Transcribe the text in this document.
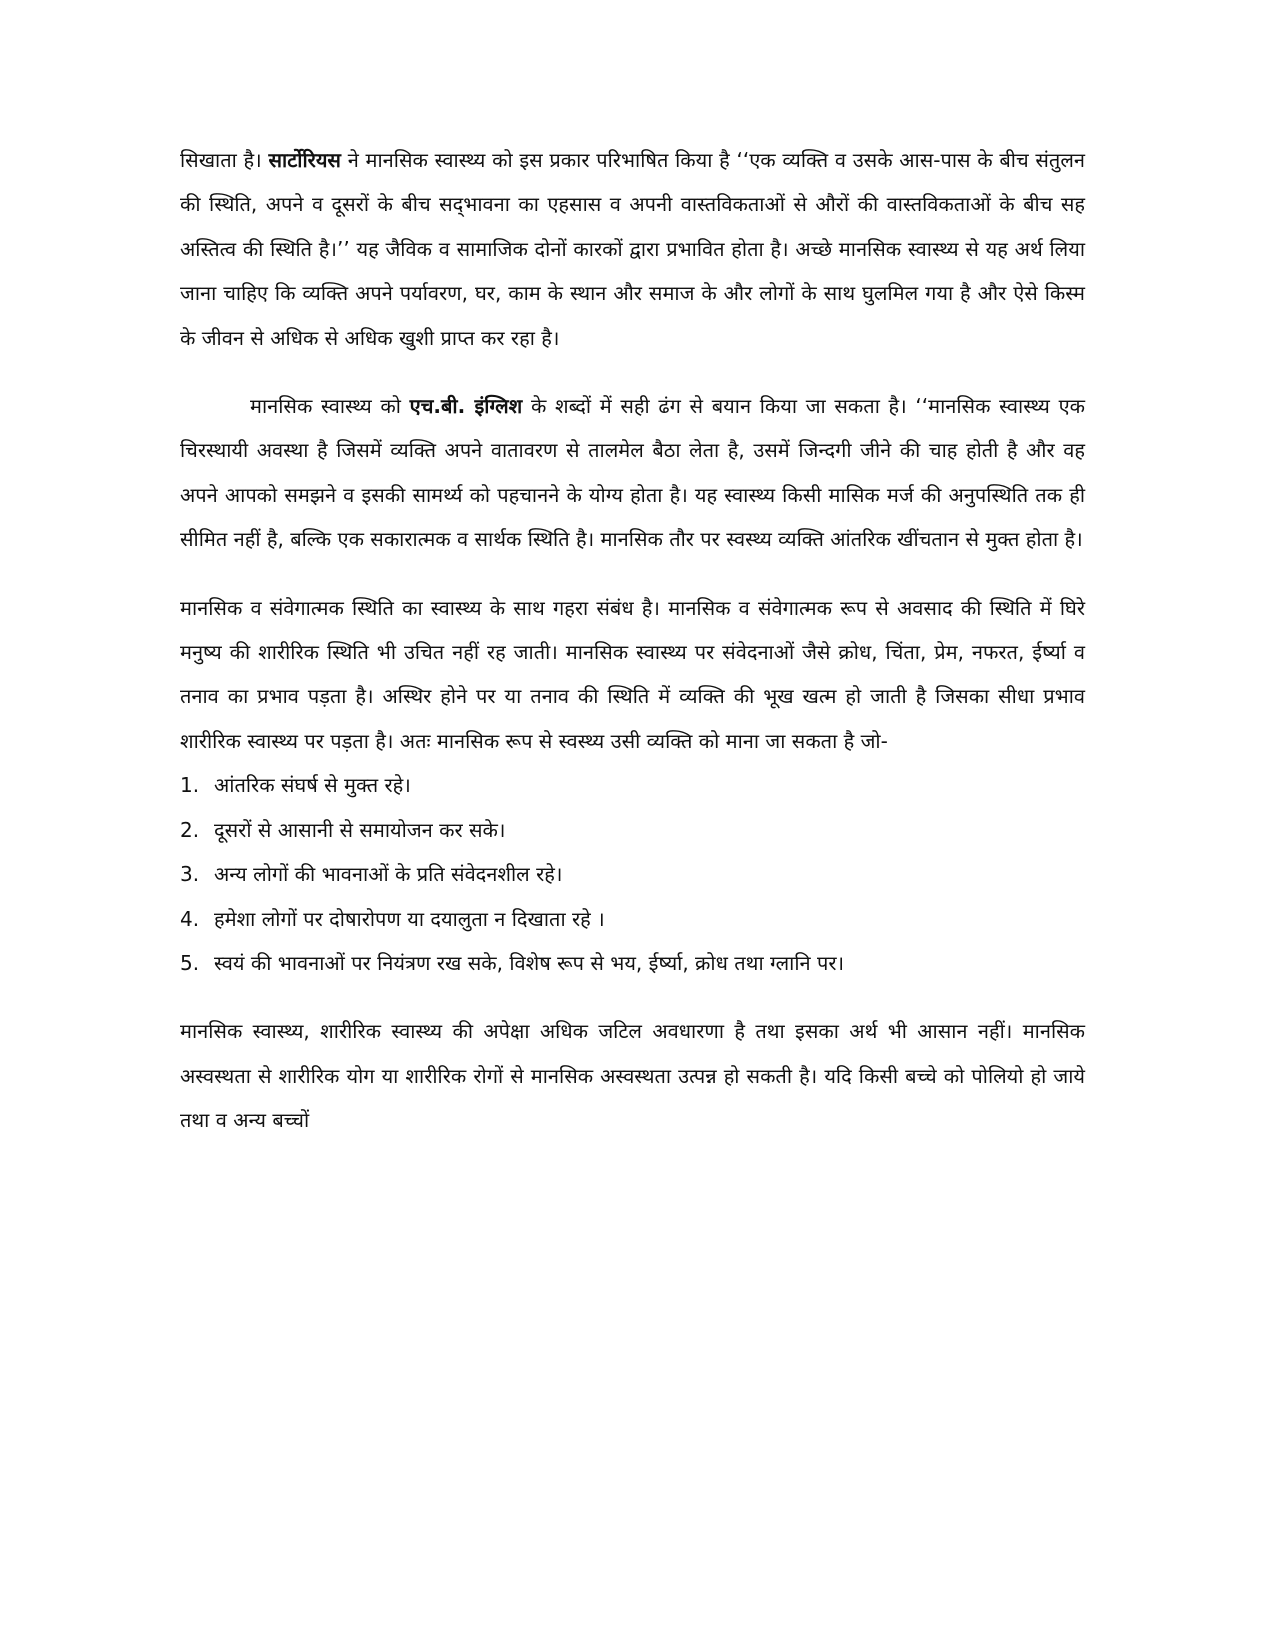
सिखाता है। सार्टोरियस ने मानसिक स्वास्थ्य को इस प्रकार परिभाषित किया है ‘‘एक व्यक्ति व उसके आस-पास के बीच संतुलन की स्थिति, अपने व दूसरों के बीच सद्‌भावना का एहसास व अपनी वास्तविकताओं से औरों की वास्तविकताओं के बीच सह अस्तित्व की स्थिति है।’’ यह जैविक व सामाजिक दोनों कारकों द्वारा प्रभावित होता है। अच्छे मानसिक स्वास्थ्य से यह अर्थ लिया जाना चाहिए कि व्यक्ति अपने पर्यावरण, घर, काम के स्थान और समाज के और लोगों के साथ घुलमिल गया है और ऐसे किस्म के जीवन से अधिक से अधिक खुशी प्राप्त कर रहा है।

मानसिक स्वास्थ्य को एच.बी. इंग्लिश के शब्दों में सही ढंग से बयान किया जा सकता है। ‘‘मानसिक स्वास्थ्य एक चिरस्थायी अवस्था है जिसमें व्यक्ति अपने वातावरण से तालमेल बैठा लेता है, उसमें जिन्दगी जीने की चाह होती है और वह अपने आपको समझने व इसकी सामर्थ्य को पहचानने के योग्य होता है। यह स्वास्थ्य किसी मासिक मर्ज की अनुपस्थिति तक ही सीमित नहीं है, बल्कि एक सकारात्मक व सार्थक स्थिति है। मानसिक तौर पर स्वस्थ्य व्यक्ति आंतरिक खींचतान से मुक्त होता है।

मानसिक व संवेगात्मक स्थिति का स्वास्थ्य के साथ गहरा संबंध है। मानसिक व संवेगात्मक रूप से अवसाद की स्थिति में घिरे मनुष्य की शारीरिक स्थिति भी उचित नहीं रह जाती। मानसिक स्वास्थ्य पर संवेदनाओं जैसे क्रोध, चिंता, प्रेम, नफरत, ईर्ष्या व तनाव का प्रभाव पड़ता है। अस्थिर होने पर या तनाव की स्थिति में व्यक्ति की भूख खत्म हो जाती है जिसका सीधा प्रभाव शारीरिक स्वास्थ्य पर पड़ता है। अतः मानसिक रूप से स्वस्थ्य उसी व्यक्ति को माना जा सकता है जो-

1. आंतरिक संघर्ष से मुक्त रहे।
2. दूसरों से आसानी से समायोजन कर सके।
3. अन्य लोगों की भावनाओं के प्रति संवेदनशील रहे।
4. हमेशा लोगों पर दोषारोपण या दयालुता न दिखाता रहे ।
5. स्वयं की भावनाओं पर नियंत्रण रख सके, विशेष रूप से भय, ईर्ष्या, क्रोध तथा ग्लानि पर।

मानसिक स्वास्थ्य, शारीरिक स्वास्थ्य की अपेक्षा अधिक जटिल अवधारणा है तथा इसका अर्थ भी आसान नहीं। मानसिक अस्वस्थता से शारीरिक योग या शारीरिक रोगों से मानसिक अस्वस्थता उत्पन्न हो सकती है। यदि किसी बच्चे को पोलियो हो जाये तथा व अन्य बच्चों
